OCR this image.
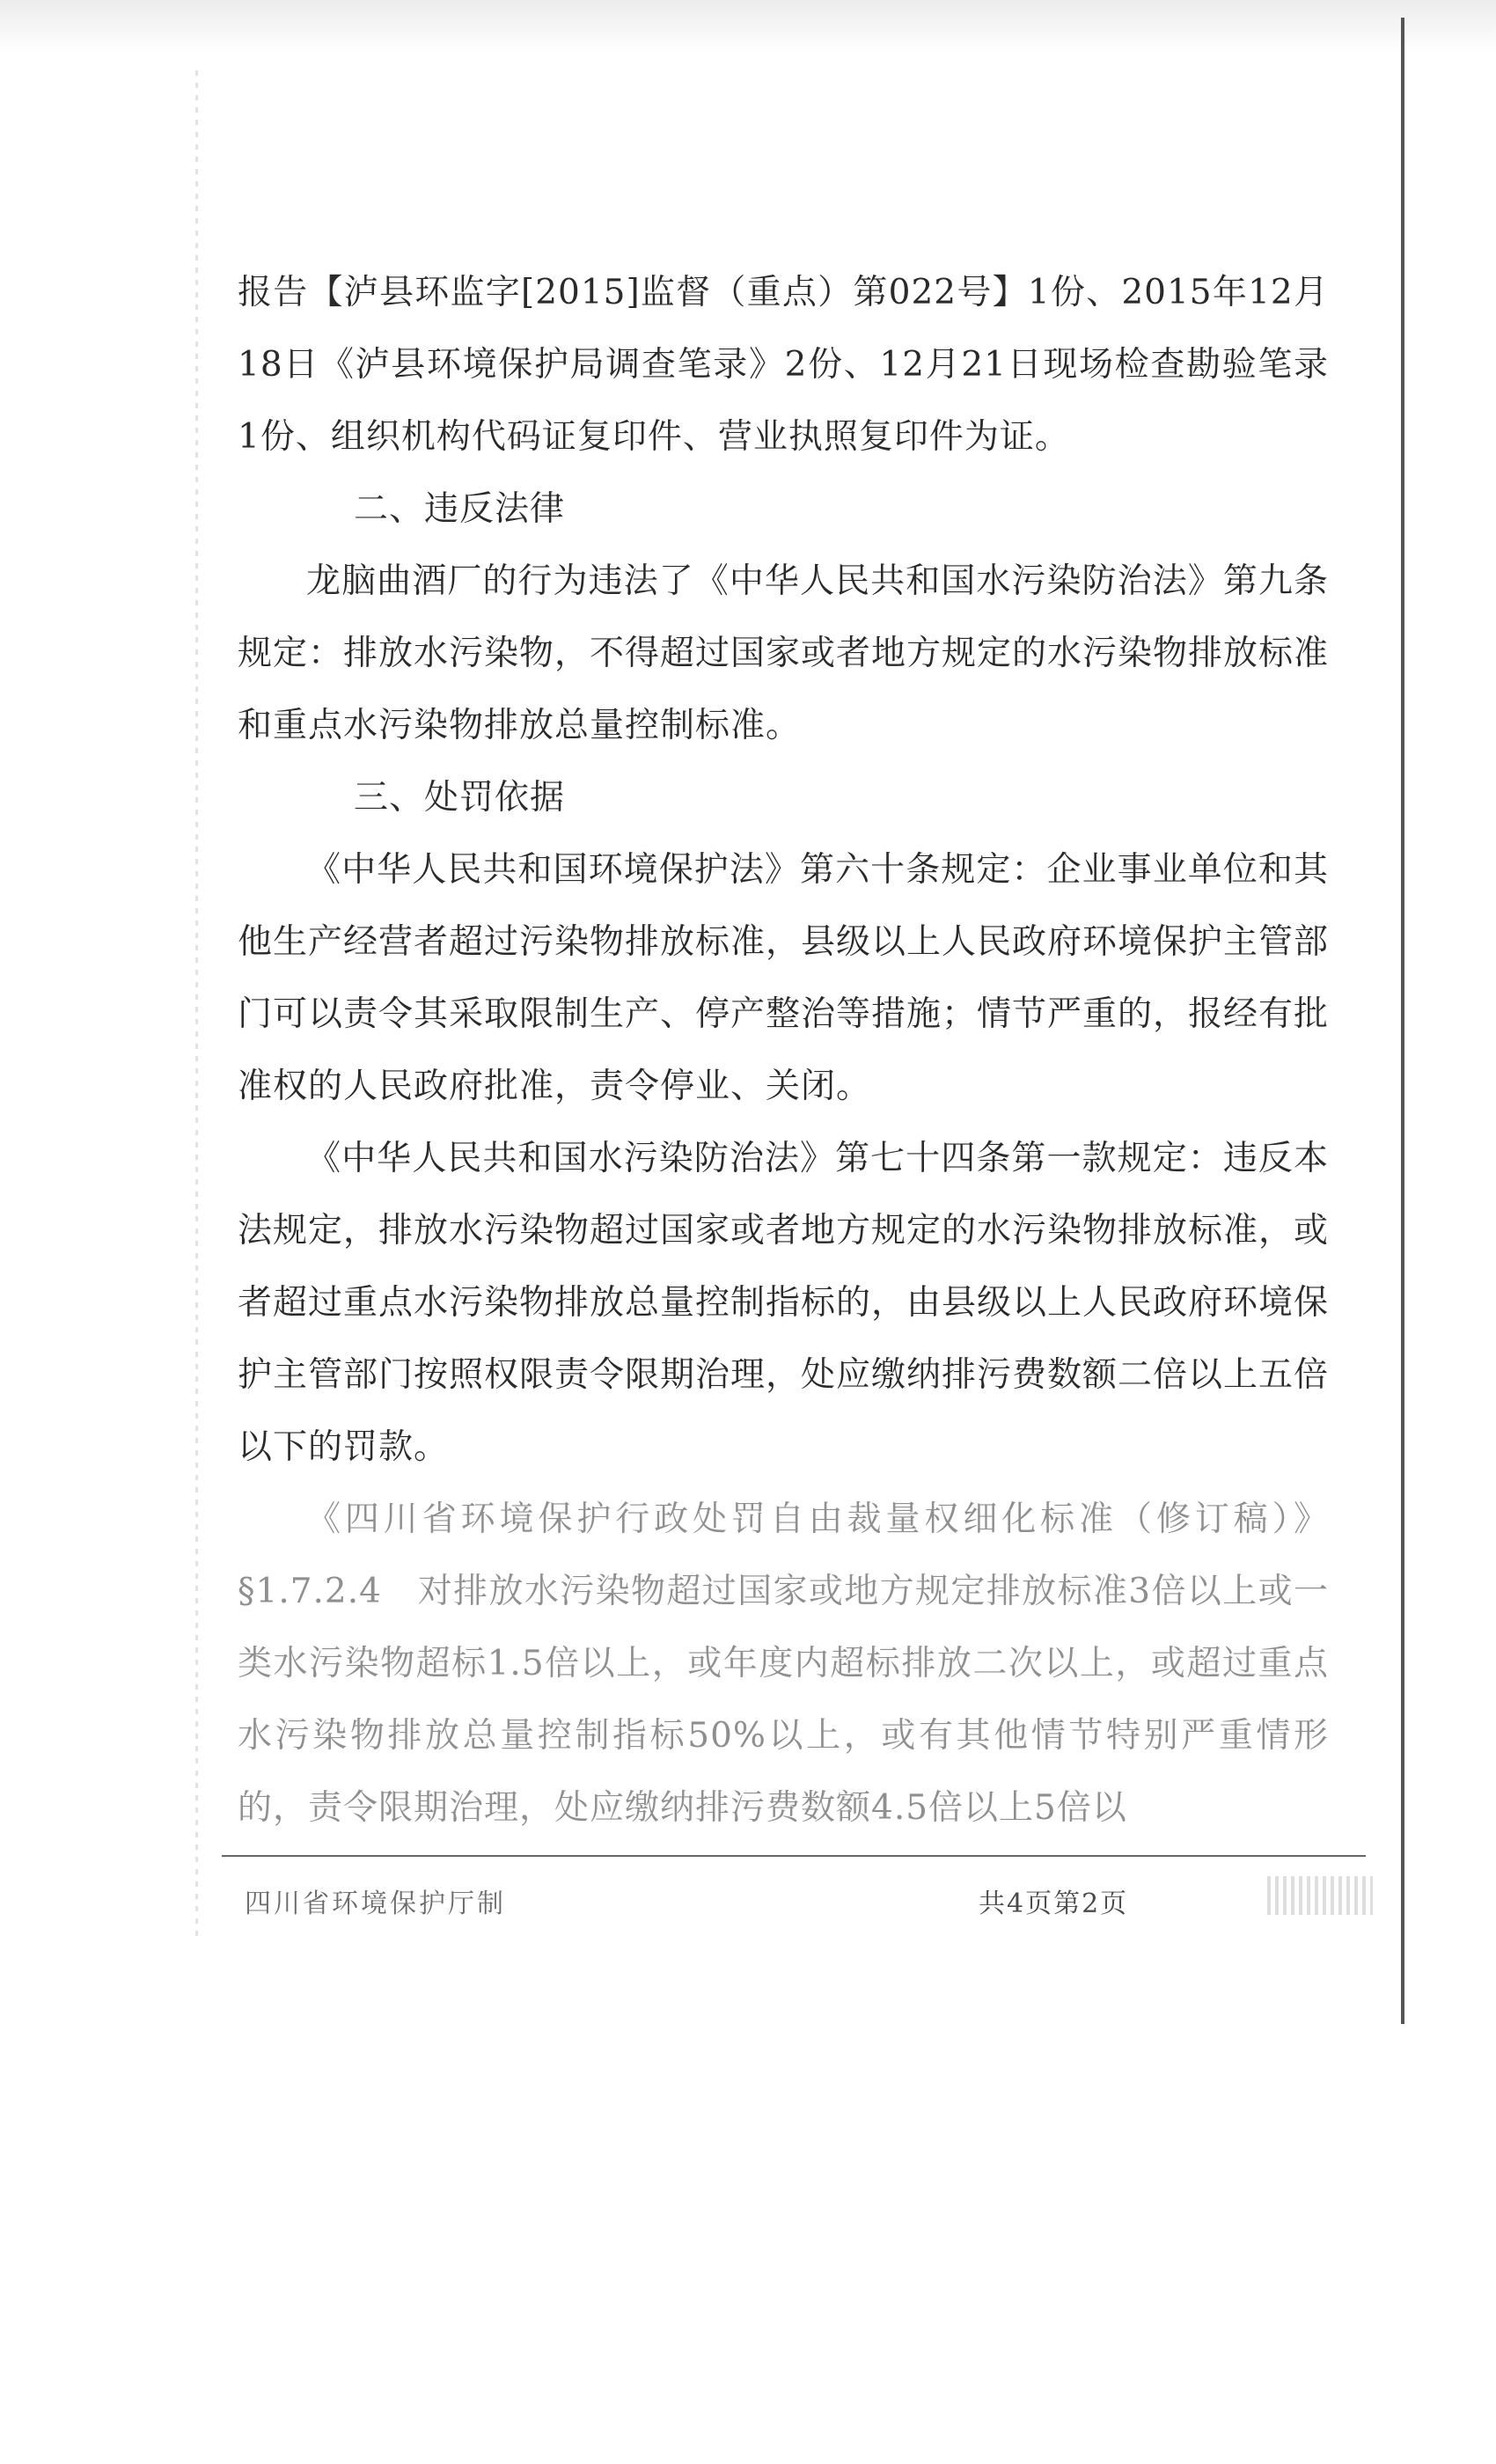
报告【泸县环监字[2015]监督（重点）第022号】1份、2015年12月18日《泸县环境保护局调查笔录》2份、12月21日现场检查勘验笔录1份、组织机构代码证复印件、营业执照复印件为证。

二、违反法律

龙脑曲酒厂的行为违法了《中华人民共和国水污染防治法》第九条规定：排放水污染物，不得超过国家或者地方规定的水污染物排放标准和重点水污染物排放总量控制标准。

三、处罚依据

《中华人民共和国环境保护法》第六十条规定：企业事业单位和其他生产经营者超过污染物排放标准，县级以上人民政府环境保护主管部门可以责令其采取限制生产、停产整治等措施；情节严重的，报经有批准权的人民政府批准，责令停业、关闭。

《中华人民共和国水污染防治法》第七十四条第一款规定：违反本法规定，排放水污染物超过国家或者地方规定的水污染物排放标准，或者超过重点水污染物排放总量控制指标的，由县级以上人民政府环境保护主管部门按照权限责令限期治理，处应缴纳排污费数额二倍以上五倍以下的罚款。

《四川省环境保护行政处罚自由裁量权细化标准（修订稿）》§1.7.2.4　对排放水污染物超过国家或地方规定排放标准3倍以上或一类水污染物超标1.5倍以上，或年度内超标排放二次以上，或超过重点水污染物排放总量控制指标50%以上，或有其他情节特别严重情形的，责令限期治理，处应缴纳排污费数额4.5倍以上5倍以

四川省环境保护厅制	共4页第2页
